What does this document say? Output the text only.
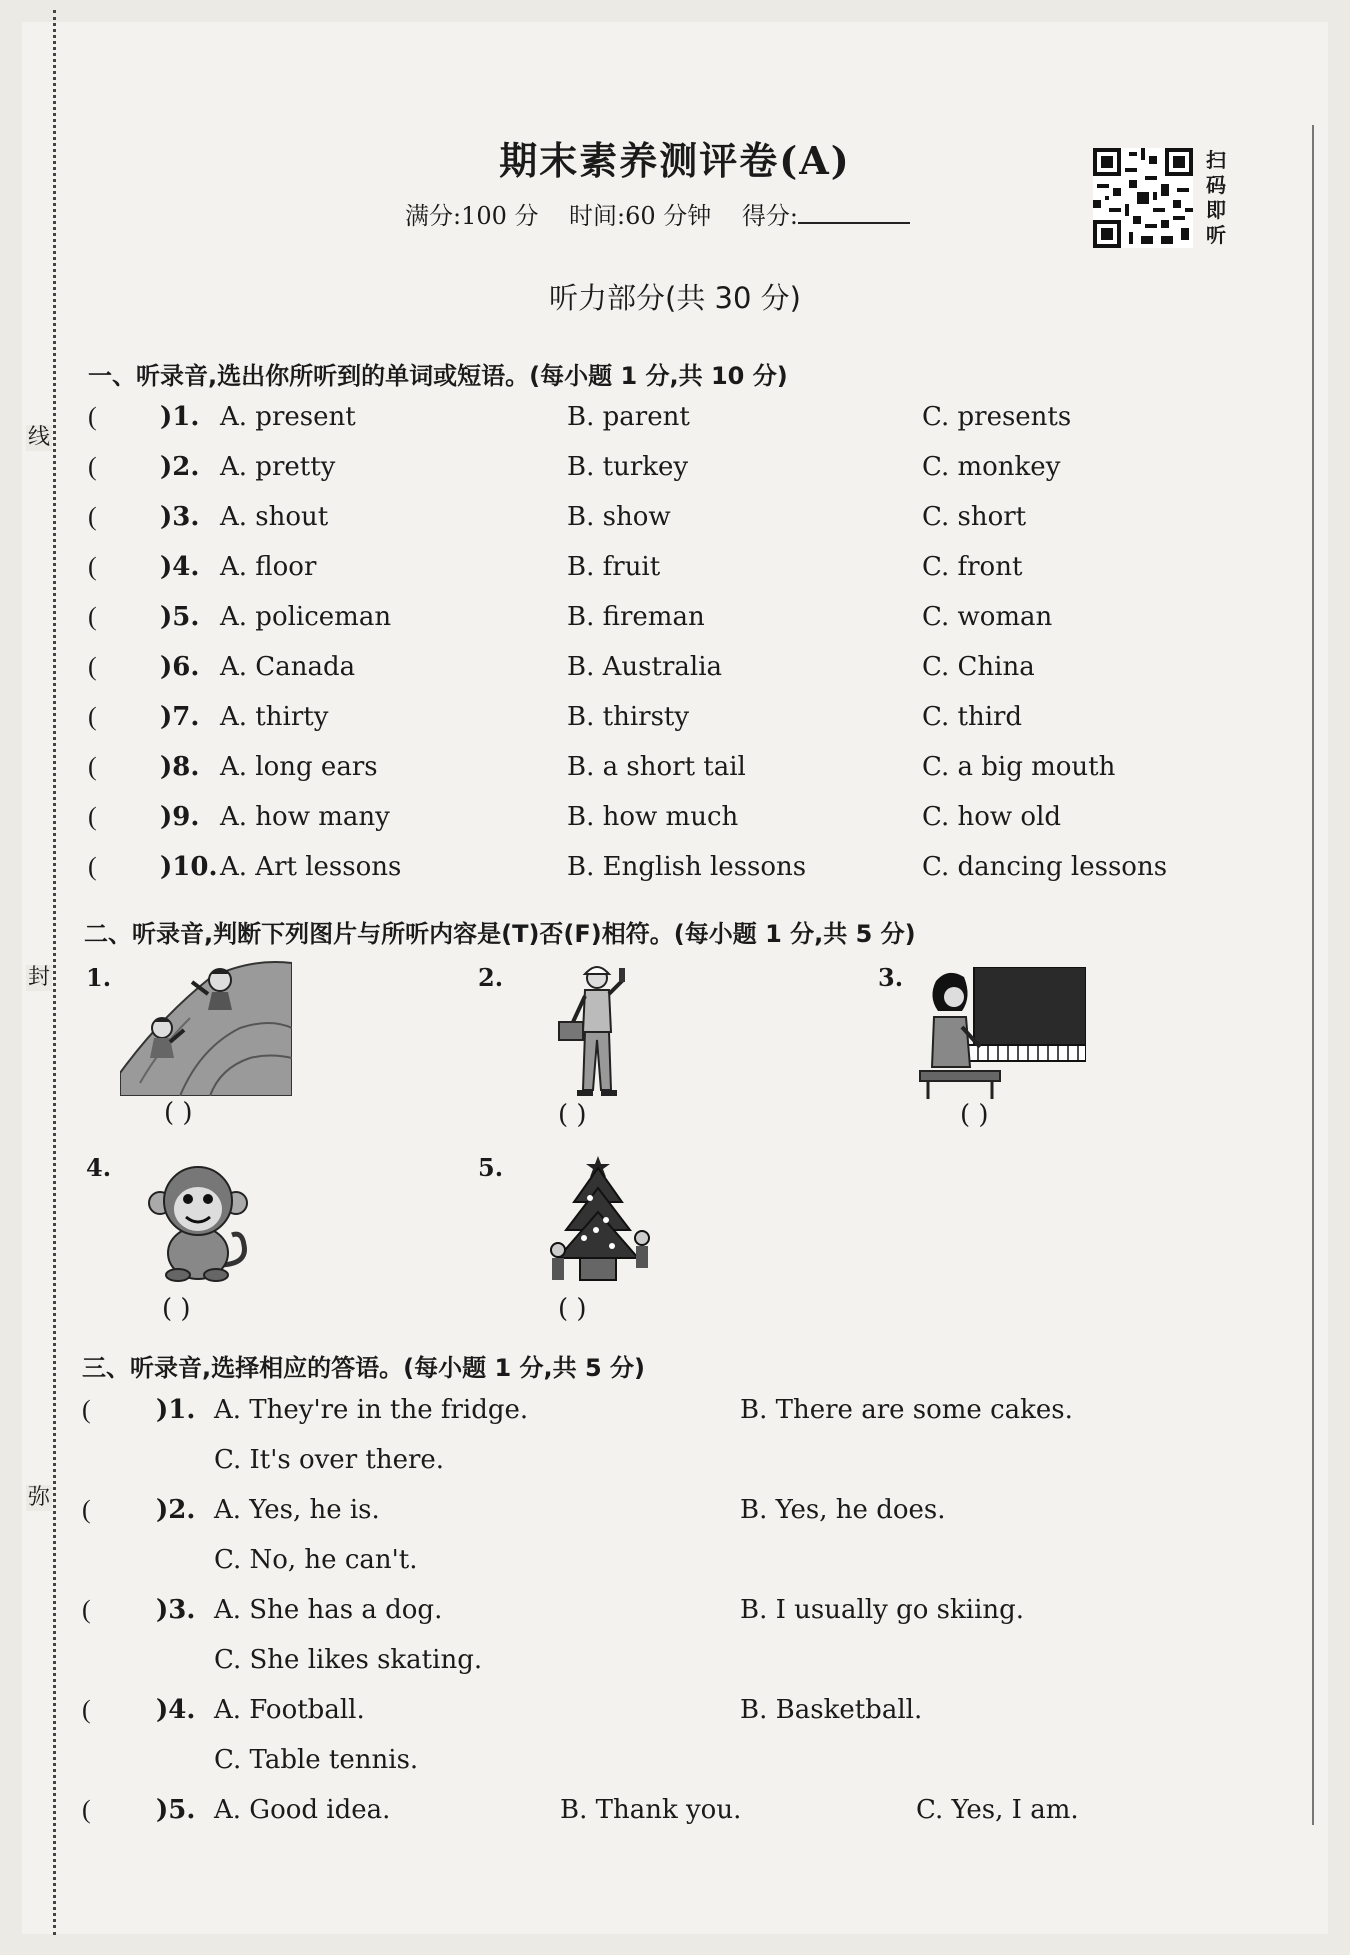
线
封
弥
期末素养测评卷(A)
满分:100 分 时间:60 分钟 得分:
扫码即听
听力部分(共 30 分)
一、听录音,选出你所听到的单词或短语。(每小题 1 分,共 10 分)
( )1. A. present	B. parent	C. presents
( )2. A. pretty	B. turkey	C. monkey
( )3. A. shout	B. show	C. short
( )4. A. floor	B. fruit	C. front
( )5. A. policeman	B. fireman	C. woman
( )6. A. Canada	B. Australia	C. China
( )7. A. thirty	B. thirsty	C. third
( )8. A. long ears	B. a short tail	C. a big mouth
( )9. A. how many	B. how much	C. how old
( )10. A. Art lessons	B. English lessons	C. dancing lessons
二、听录音,判断下列图片与所听内容是(T)否(F)相符。(每小题 1 分,共 5 分)
1.
( )
2.
( )
3.
( )
4.
( )
5.
( )
三、听录音,选择相应的答语。(每小题 1 分,共 5 分)
(	)1. A. They're in the fridge.	B. There are some cakes.
C. It's over there.
(	)2. A. Yes, he is.	B. Yes, he does.
C. No, he can't.
(	)3. A. She has a dog.	B. I usually go skiing.
C. She likes skating.
(	)4. A. Football.	B. Basketball.
C. Table tennis.
(	)5. A. Good idea.	B. Thank you.	C. Yes, I am.
